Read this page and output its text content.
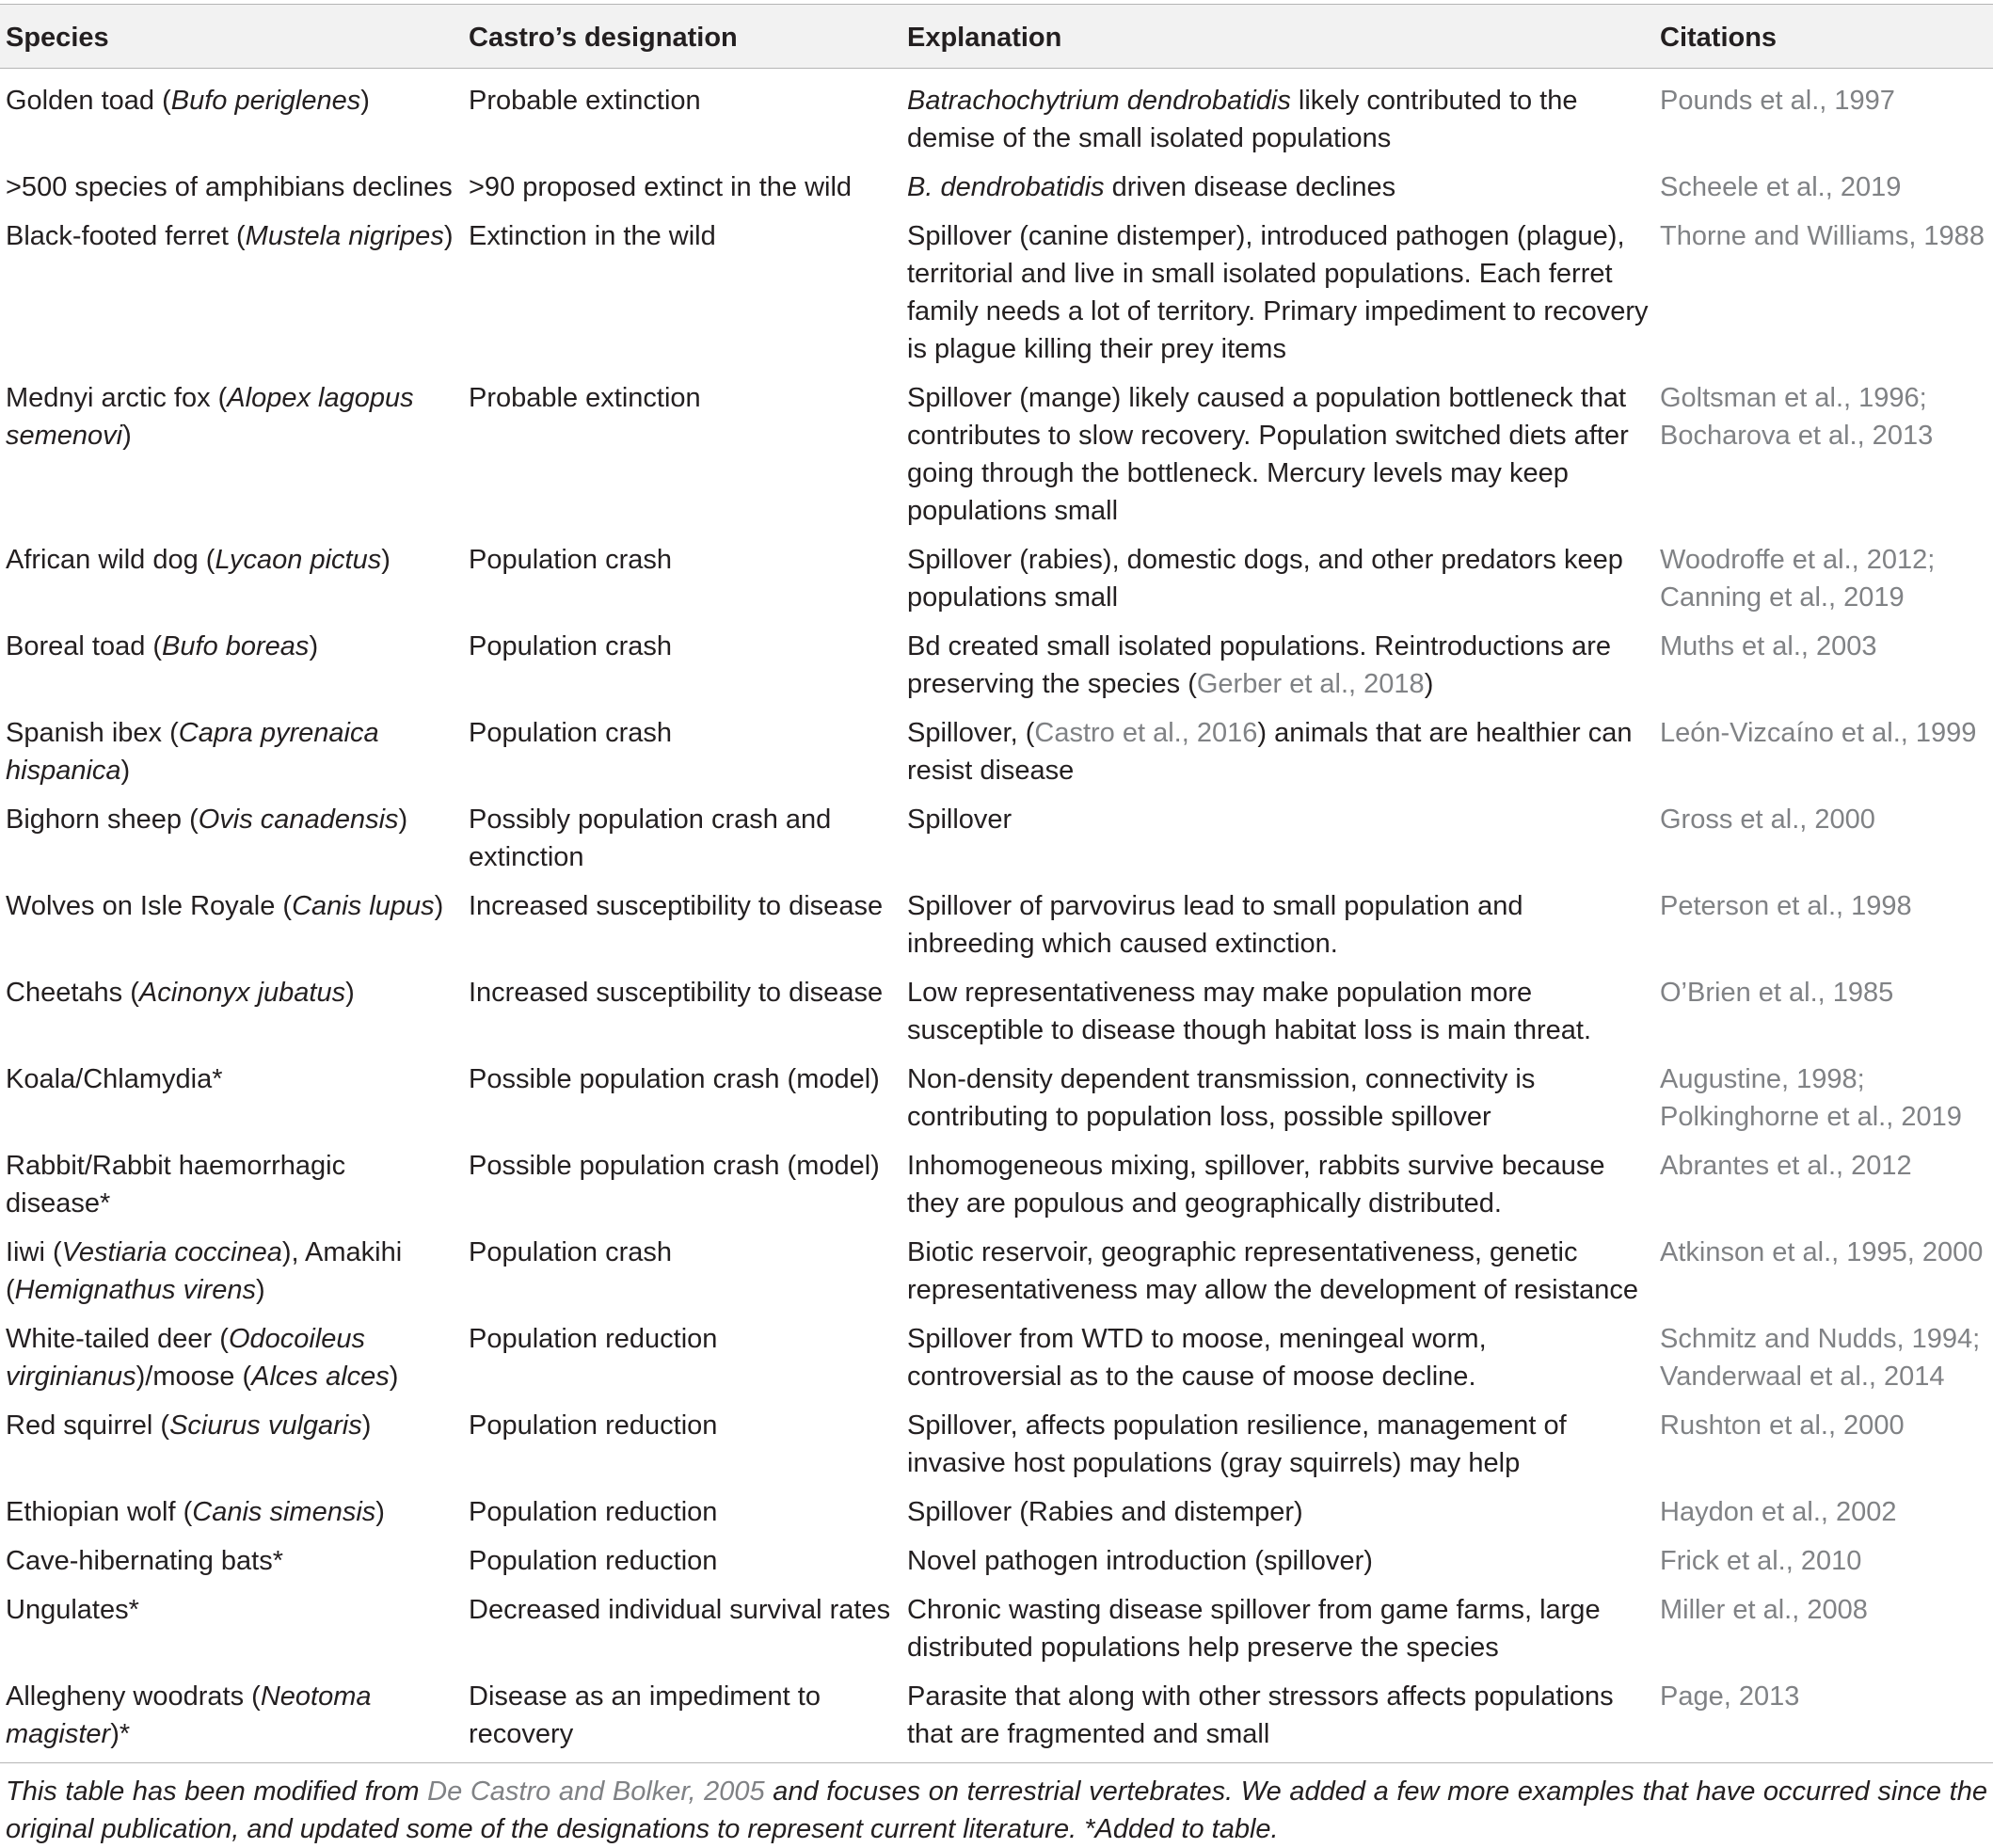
Species	Castro’s designation	Explanation	Citations
Golden toad (Bufo periglenes)	Probable extinction	Batrachochytrium dendrobatidis likely contributed to the demise of the small isolated populations	Pounds et al., 1997

>500 species of amphibians declines	>90 proposed extinct in the wild	B. dendrobatidis driven disease declines	Scheele et al., 2019

Black-footed ferret (Mustela nigripes)	Extinction in the wild	Spillover (canine distemper), introduced pathogen (plague), territorial and live in small isolated populations. Each ferret family needs a lot of territory. Primary impediment to recovery is plague killing their prey items	Thorne and Williams, 1988

Mednyi arctic fox (Alopex lagopus semenovi)	Probable extinction	Spillover (mange) likely caused a population bottleneck that contributes to slow recovery. Population switched diets after going through the bottleneck. Mercury levels may keep populations small	Goltsman et al., 1996;
Bocharova et al., 2013

African wild dog (Lycaon pictus)	Population crash	Spillover (rabies), domestic dogs, and other predators keep populations small	Woodroffe et al., 2012;
Canning et al., 2019

Boreal toad (Bufo boreas)	Population crash	Bd created small isolated populations. Reintroductions are preserving the species (Gerber et al., 2018)	Muths et al., 2003

Spanish ibex (Capra pyrenaica hispanica)	Population crash	Spillover, (Castro et al., 2016) animals that are healthier can resist disease	León-Vizcaíno et al., 1999

Bighorn sheep (Ovis canadensis)	Possibly population crash and extinction	Spillover	Gross et al., 2000

Wolves on Isle Royale (Canis lupus)	Increased susceptibility to disease	Spillover of parvovirus lead to small population and inbreeding which caused extinction.	Peterson et al., 1998

Cheetahs (Acinonyx jubatus)	Increased susceptibility to disease	Low representativeness may make population more susceptible to disease though habitat loss is main threat.	O’Brien et al., 1985

Koala/Chlamydia*	Possible population crash (model)	Non-density dependent transmission, connectivity is contributing to population loss, possible spillover	Augustine, 1998;
Polkinghorne et al., 2019

Rabbit/Rabbit haemorrhagic disease*	Possible population crash (model)	Inhomogeneous mixing, spillover, rabbits survive because they are populous and geographically distributed.	Abrantes et al., 2012

Iiwi (Vestiaria coccinea), Amakihi (Hemignathus virens)	Population crash	Biotic reservoir, geographic representativeness, genetic representativeness may allow the development of resistance	Atkinson et al., 1995, 2000

White-tailed deer (Odocoileus virginianus)/moose (Alces alces)	Population reduction	Spillover from WTD to moose, meningeal worm, controversial as to the cause of moose decline.	Schmitz and Nudds, 1994;
Vanderwaal et al., 2014

Red squirrel (Sciurus vulgaris)	Population reduction	Spillover, affects population resilience, management of invasive host populations (gray squirrels) may help	Rushton et al., 2000

Ethiopian wolf (Canis simensis)	Population reduction	Spillover (Rabies and distemper)	Haydon et al., 2002

Cave-hibernating bats*	Population reduction	Novel pathogen introduction (spillover)	Frick et al., 2010

Ungulates*	Decreased individual survival rates	Chronic wasting disease spillover from game farms, large distributed populations help preserve the species	Miller et al., 2008

Allegheny woodrats (Neotoma magister)*	Disease as an impediment to recovery	Parasite that along with other stressors affects populations that are fragmented and small	Page, 2013
This table has been modified from De Castro and Bolker, 2005 and focuses on terrestrial vertebrates. We added a few more examples that have occurred since the original publication, and updated some of the designations to represent current literature. *Added to table.
